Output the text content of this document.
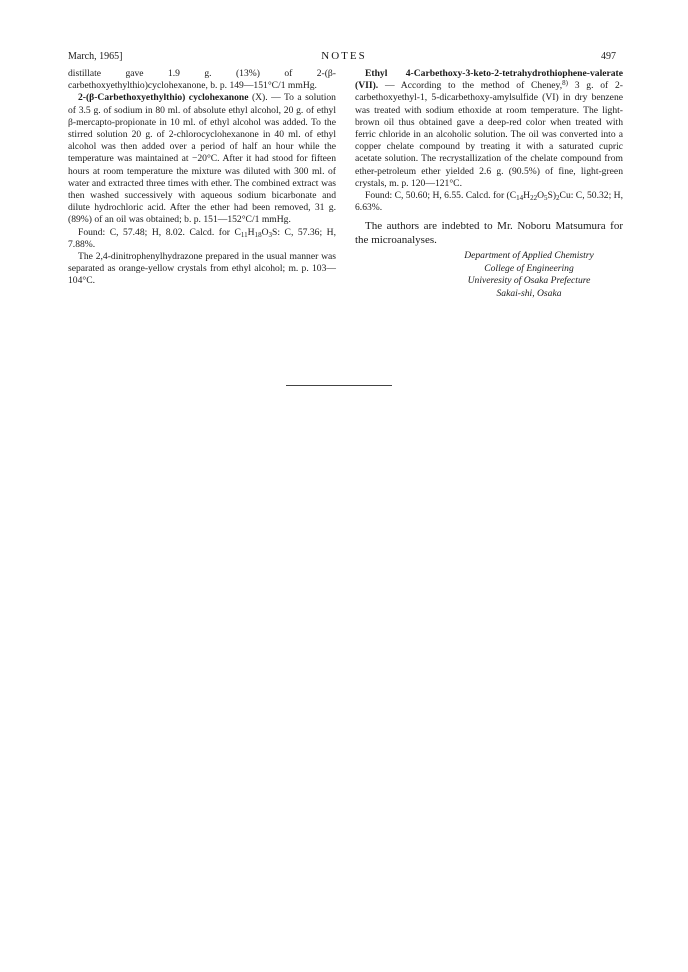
March, 1965]	NOTES	497

distillate gave 1.9 g. (13%) of 2-(β-carbethoxyethylthio)cyclohexanone, b. p. 149—151°C/1 mmHg.

2-(β-Carbethoxyethylthio) cyclohexanone (X). — To a solution of 3.5 g. of sodium in 80 ml. of absolute ethyl alcohol, 20 g. of ethyl β-mercapto-propionate in 10 ml. of ethyl alcohol was added. To the stirred solution 20 g. of 2-chlorocyclohexanone in 40 ml. of ethyl alcohol was then added over a period of half an hour while the temperature was maintained at −20°C. After it had stood for fifteen hours at room temperature the mixture was diluted with 300 ml. of water and extracted three times with ether. The combined extract was then washed successively with aqueous sodium bicarbonate and dilute hydrochloric acid. After the ether had been removed, 31 g. (89%) of an oil was obtained; b. p. 151—152°C/1 mmHg.

Found: C, 57.48; H, 8.02. Calcd. for $C_{11}H_{18}O_3S$: C, 57.36; H, 7.88%.

The 2,4-dinitrophenylhydrazone prepared in the usual manner was separated as orange-yellow crystals from ethyl alcohol; m. p. 103—104°C.

Ethyl 4-Carbethoxy-3-keto-2-tetrahydrothiophene-valerate (VII). — According to the method of Cheney,$^{8)}$ 3 g. of 2-carbethoxyethyl-1, 5-dicarbethoxy-amylsulfide (VI) in dry benzene was treated with sodium ethoxide at room temperature. The light-brown oil thus obtained gave a deep-red color when treated with ferric chloride in an alcoholic solution. The oil was converted into a copper chelate compound by treating it with a saturated cupric acetate solution. The recrystallization of the chelate compound from ether-petroleum ether yielded 2.6 g. (90.5%) of fine, light-green crystals, m. p. 120—121°C.

Found: C, 50.60; H, 6.55. Calcd. for $(C_{14}H_{22}O_5S)_2Cu$: C, 50.32; H, 6.63%.

The authors are indebted to Mr. Noboru Matsumura for the microanalyses.

Department of Applied Chemistry
College of Engineering
Univeresity of Osaka Prefecture
Sakai-shi, Osaka
